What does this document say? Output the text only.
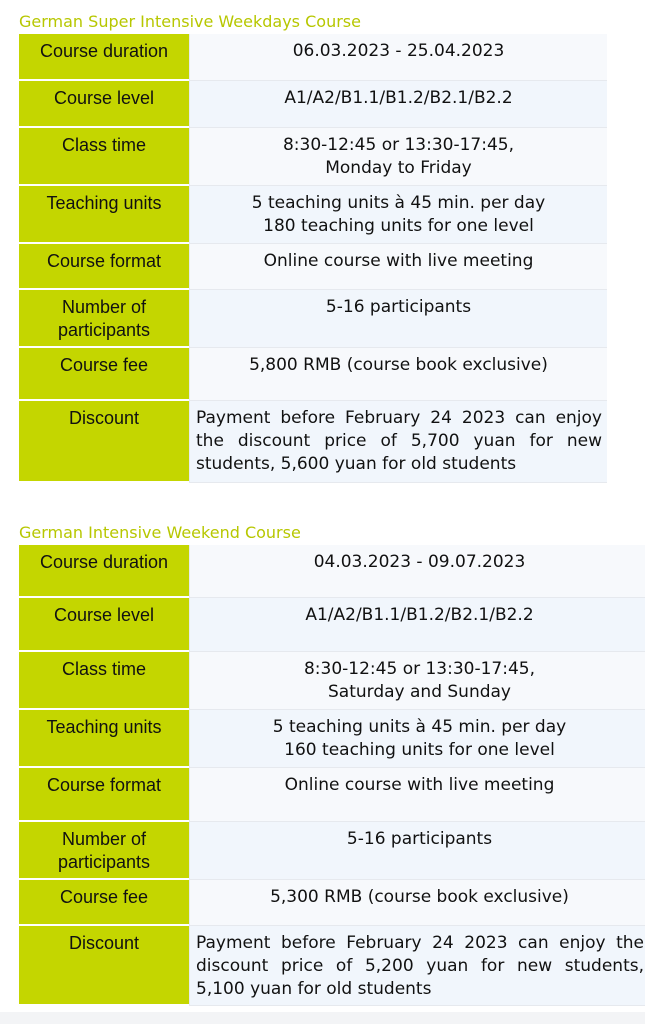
German Super Intensive Weekdays Course
Course duration	06.03.2023 - 25.04.2023

Course level	A1/A2/B1.1/B1.2/B2.1/B2.2

Class time	8:30-12:45 or 13:30-17:45,
Monday to Friday

Teaching units	5 teaching units à 45 min. per day
180 teaching units for one level

Course format	Online course with live meeting

Number of
participants	5-16 participants

Course fee	5,800 RMB (course book exclusive)

Discount	Payment before February 24 2023 can enjoy the discount price of 5,700 yuan for new students, 5,600 yuan for old students
German Intensive Weekend Course
Course duration	04.03.2023 - 09.07.2023

Course level	A1/A2/B1.1/B1.2/B2.1/B2.2

Class time	8:30-12:45 or 13:30-17:45,
Saturday and Sunday

Teaching units	5 teaching units à 45 min. per day
160 teaching units for one level

Course format	Online course with live meeting

Number of
participants	5-16 participants

Course fee	5,300 RMB (course book exclusive)

Discount	Payment before February 24 2023 can enjoy the discount price of 5,200 yuan for new students, 5,100 yuan for old students
